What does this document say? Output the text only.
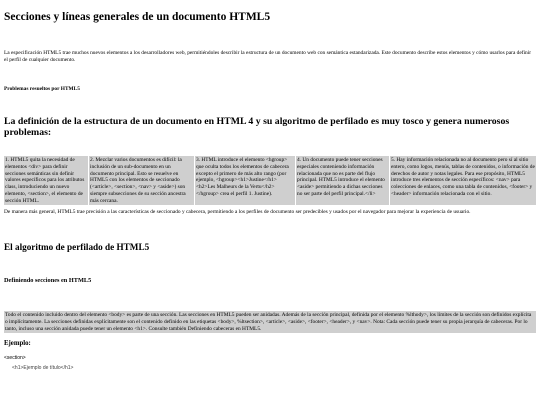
Secciones y líneas generales de un documento HTML5

La especificación HTML5 trae muchos nuevos elementos a los desarrolladores web, permitiéndoles describir la estructura de un documento web con semántica estandarizada. Este documento describe estos elementos y cómo usarlos para definir el perfil de cualquier documento.

Problemas resueltos por HTML5

La definición de la estructura de un documento en HTML 4 y su algoritmo de perfilado es muy tosco y genera numerosos problemas:
1. HTML5 quita la necesidad de elementos <div> para definir secciones semánticas sin definir valores específicos para los atributos class, introduciendo un nuevo elemento, <section>, el elemento de sección HTML.	2. Mezclar varios documentos es difícil: la inclusión de un sub-documento en un documento principal. Esto se resuelve en HTML5 con los elementos de seccionado (<article>, <section>, <nav> y <aside>) son siempre subsecciones de su sección ancestra más cercana.	3. HTML introduce el elemento <hgroup> que oculta todos los elementos de cabecera excepto el primero de más alto rango (por ejemplo, <hgroup><h1>Justine</h1><h2>Les Malheurs de la Vertu</h2></hgroup> crea el perfil 1. Justine).	4. Un documento puede tener secciones especiales conteniendo información relacionada que no es parte del flujo principal. HTML5 introduce el elemento <aside> permitiendo a dichas secciones no ser parte del perfil principal.</li>	5. Hay información relacionada no al documento pero sí al sitio entero, como logos, menús, tablas de contenidos, o información de derechos de autor y notas legales. Para ese propósito, HTML5 introduce tres elementos de sección específicos: <nav> para colecciones de enlaces, como una tabla de contenidos, <footer> y <header> información relacionada con el sitio.

De manera más general, HTML5 trae precisión a las características de seccionado y cabecera, permitiendo a los perfiles de documento ser predecibles y usados por el navegador para mejorar la experiencia de usuario.

El algoritmo de perfilado de HTML5
Definiendo secciones en HTML5
Todo el contenido incluido dentro del elemento <body> es parte de una sección. Las secciones en HTML5 pueden ser anidadas. Además de la sección principal, definida por el elemento %lthody>, los límites de la sección son definidos explícita o implícitamente. La secciones definidas explícitamente son el contenido definido en las etiquetas <body>, %ltsection>, <article>, <aside>, <footer>, <header>, y <nav>. Nota: Cada sección puede tener su propia jerarquía de cabeceras. Por lo tanto, incluso una sección anidada puede tener un elemento <h1>. Consulte también Definiendo cabeceras en HTML5.
Ejemplo:
<section>
<h1>Ejemplo de título</h1>
